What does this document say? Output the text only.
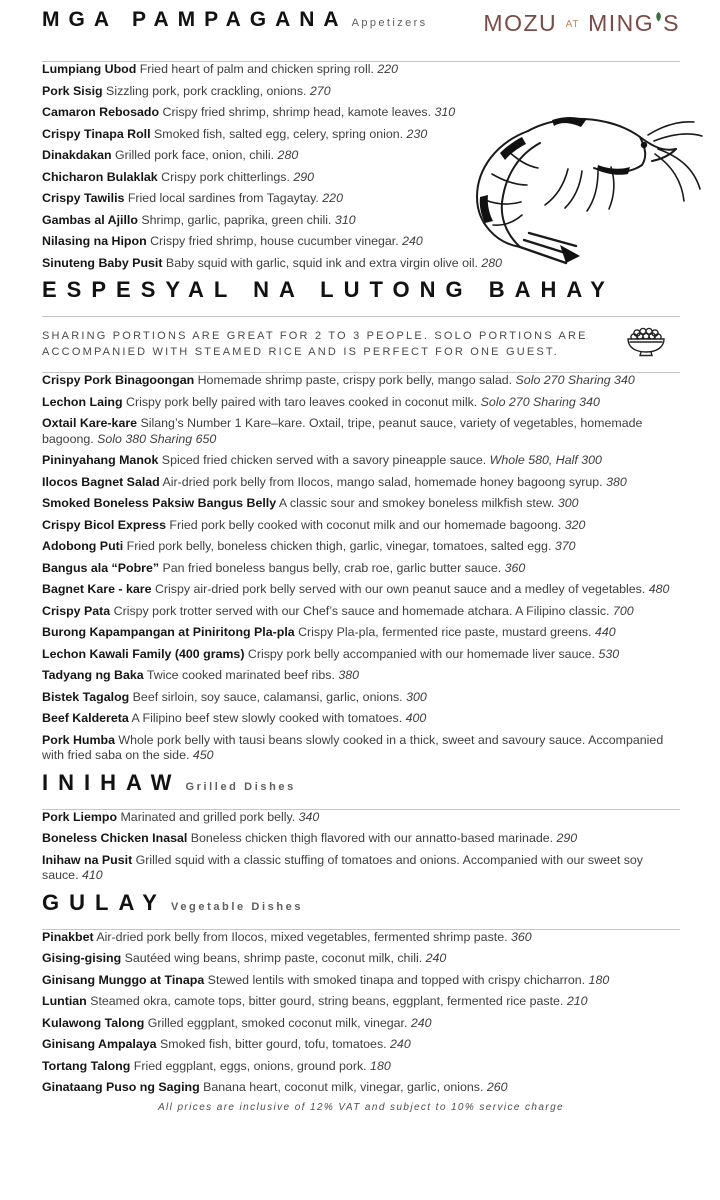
MGA PAMPAGANA Appetizers MOZU $^{AT}$ MING S
Lumpiang Ubod Fried heart of palm and chicken spring roll. 220
Pork Sisig Sizzling pork, pork crackling, onions. 270
Camaron Rebosado Crispy fried shrimp, shrimp head, kamote leaves. 310
Crispy Tinapa Roll Smoked fish, salted egg, celery, spring onion. 230
Dinakdakan Grilled pork face, onion, chili. 280
Chicharon Bulaklak Crispy pork chitterlings. 290
Crispy Tawilis Fried local sardines from Tagaytay. 220
Gambas al Ajillo Shrimp, garlic, paprika, green chili. 310
Nilasing na Hipon Crispy fried shrimp, house cucumber vinegar. 240
Sinuteng Baby Pusit Baby squid with garlic, squid ink and extra virgin olive oil. 280
ESPESYAL NA LUTONG BAHAY
SHARING PORTIONS ARE GREAT FOR 2 TO 3 PEOPLE. SOLO PORTIONS ARE
ACCOMPANIED WITH STEAMED RICE AND IS PERFECT FOR ONE GUEST.
Crispy Pork Binagoongan Homemade shrimp paste, crispy pork belly, mango salad. Solo 270 Sharing 340
Lechon Laing Crispy pork belly paired with taro leaves cooked in coconut milk. Solo 270 Sharing 340
Oxtail Kare-kare Silang’s Number 1 Kare–kare. Oxtail, tripe, peanut sauce, variety of vegetables, homemade bagoong. Solo 380 Sharing 650
Pininyahang Manok Spiced fried chicken served with a savory pineapple sauce. Whole 580, Half 300
Ilocos Bagnet Salad Air-dried pork belly from Ilocos, mango salad, homemade honey bagoong syrup. 380
Smoked Boneless Paksiw Bangus Belly A classic sour and smokey boneless milkfish stew. 300
Crispy Bicol Express Fried pork belly cooked with coconut milk and our homemade bagoong. 320
Adobong Puti Fried pork belly, boneless chicken thigh, garlic, vinegar, tomatoes, salted egg. 370
Bangus ala “Pobre” Pan fried boneless bangus belly, crab roe, garlic butter sauce. 360
Bagnet Kare - kare Crispy air-dried pork belly served with our own peanut sauce and a medley of vegetables. 480
Crispy Pata Crispy pork trotter served with our Chef’s sauce and homemade atchara. A Filipino classic. 700
Burong Kapampangan at Piniritong Pla-pla Crispy Pla-pla, fermented rice paste, mustard greens. 440
Lechon Kawali Family (400 grams) Crispy pork belly accompanied with our homemade liver sauce. 530
Tadyang ng Baka Twice cooked marinated beef ribs. 380
Bistek Tagalog Beef sirloin, soy sauce, calamansi, garlic, onions. 300
Beef Kaldereta A Filipino beef stew slowly cooked with tomatoes. 400
Pork Humba Whole pork belly with tausi beans slowly cooked in a thick, sweet and savoury sauce. Accompanied with fried saba on the side. 450
INIHAW Grilled Dishes
Pork Liempo Marinated and grilled pork belly. 340
Boneless Chicken Inasal Boneless chicken thigh flavored with our annatto-based marinade. 290
Inihaw na Pusit Grilled squid with a classic stuffing of tomatoes and onions. Accompanied with our sweet soy sauce. 410
GULAY Vegetable Dishes
Pinakbet Air-dried pork belly from Ilocos, mixed vegetables, fermented shrimp paste. 360
Gising-gising Sautéed wing beans, shrimp paste, coconut milk, chili. 240
Ginisang Munggo at Tinapa Stewed lentils with smoked tinapa and topped with crispy chicharron. 180
Luntian Steamed okra, camote tops, bitter gourd, string beans, eggplant, fermented rice paste. 210
Kulawong Talong Grilled eggplant, smoked coconut milk, vinegar. 240
Ginisang Ampalaya Smoked fish, bitter gourd, tofu, tomatoes. 240
Tortang Talong Fried eggplant, eggs, onions, ground pork. 180
Ginataang Puso ng Saging Banana heart, coconut milk, vinegar, garlic, onions. 260
All prices are inclusive of 12% VAT and subject to 10% service charge
